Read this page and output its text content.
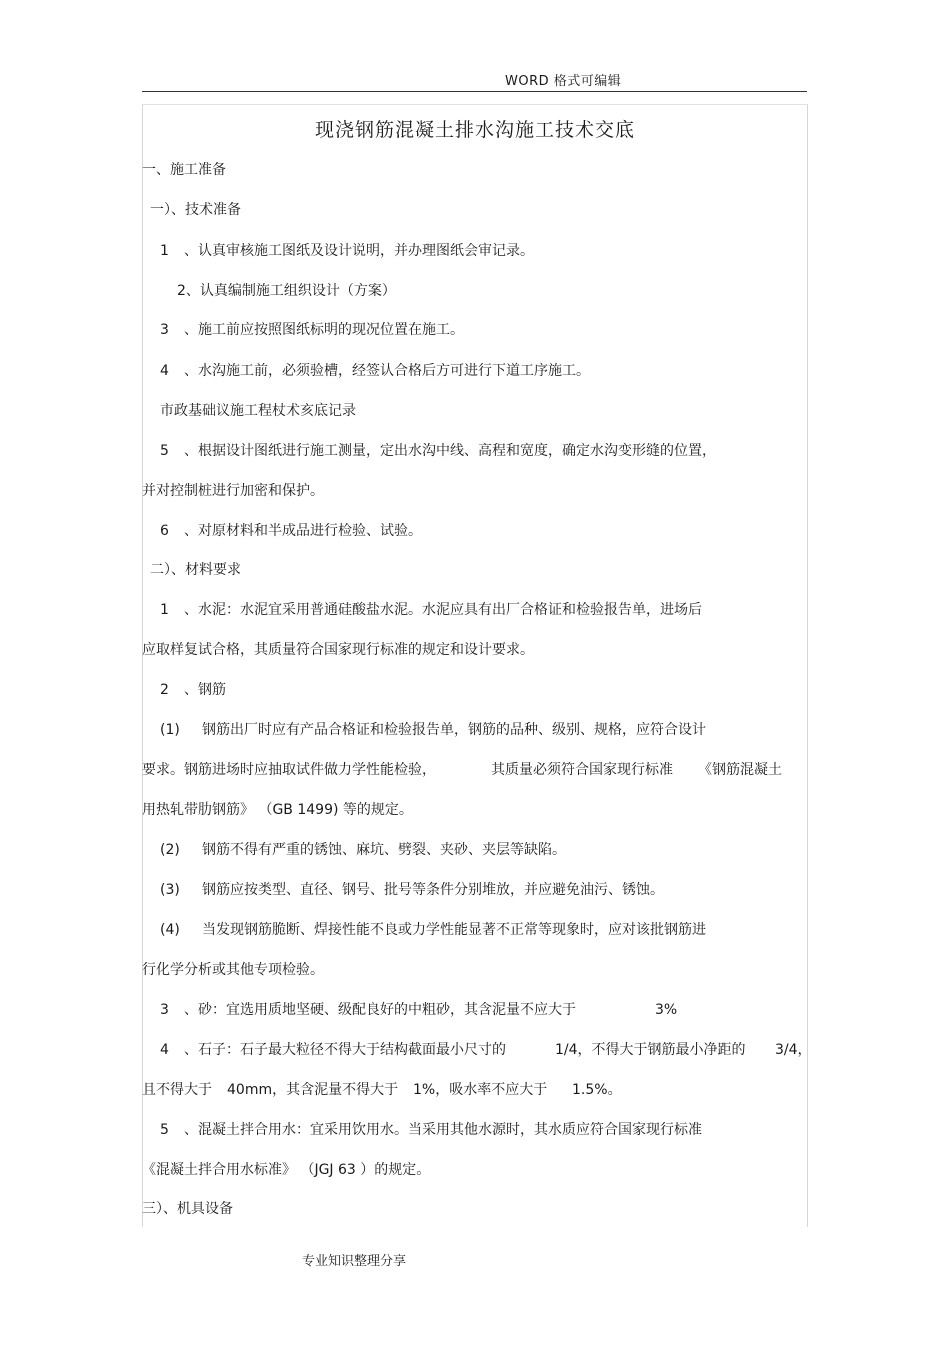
WORD 格式可编辑
现浇钢筋混凝土排水沟施工技术交底
一、施工准备
一）、技术准备
1 、认真审核施工图纸及设计说明，并办理图纸会审记录。
2、认真编制施工组织设计（方案）
3 、施工前应按照图纸标明的现况位置在施工。
4 、水沟施工前，必须验槽，经签认合格后方可进行下道工序施工。
市政基础议施工程杖术亥底记录
5 、根据设计图纸进行施工测量，定出水沟中线、高程和宽度，确定水沟变形缝的位置，
并对控制桩进行加密和保护。
6 、对原材料和半成品进行检验、试验。
二）、材料要求
1 、水泥：水泥宜采用普通硅酸盐水泥。水泥应具有出厂合格证和检验报告单，进场后
应取样复试合格，其质量符合国家现行标准的规定和设计要求。
2 、钢筋
(1) 钢筋出厂时应有产品合格证和检验报告单，钢筋的品种、级别、规格，应符合设计
要求。钢筋进场时应抽取试件做力学性能检验，	其质量必须符合国家现行标准 《钢筋混凝土
用热轧带肋钢筋》 （GB 1499) 等的规定。
(2) 钢筋不得有严重的锈蚀、麻坑、劈裂、夹砂、夹层等缺陷。
(3) 钢筋应按类型、直径、钢号、批号等条件分别堆放，并应避免油污、锈蚀。
(4) 当发现钢筋脆断、焊接性能不良或力学性能显著不正常等现象时，应对该批钢筋进
行化学分析或其他专项检验。
3 、砂：宜选用质地坚硬、级配良好的中粗砂，其含泥量不应大于	3%
4 、石子：石子最大粒径不得大于结构截面最小尺寸的	1/4，不得大于钢筋最小净距的 3/4，
且不得大于 40mm，其含泥量不得大于 1%，吸水率不应大于 1.5%。
5 、混凝土拌合用水：宜采用饮用水。当采用其他水源时，其水质应符合国家现行标准
《混凝土拌合用水标准》 （JGJ 63 ）的规定。
三）、机具设备
专业知识整理分享
